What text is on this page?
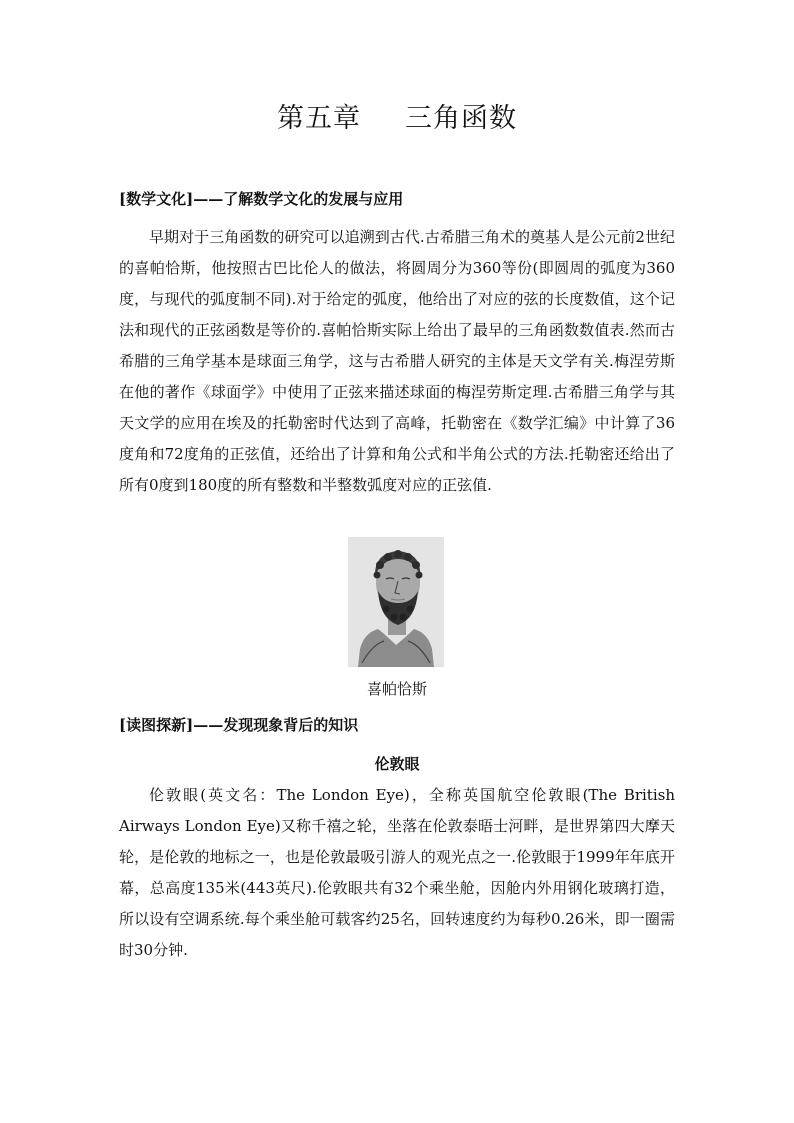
第五章 三角函数
[数学文化]——了解数学文化的发展与应用

早期对于三角函数的研究可以追溯到古代.古希腊三角术的奠基人是公元前2世纪的喜帕恰斯，他按照古巴比伦人的做法，将圆周分为360等份(即圆周的弧度为360度，与现代的弧度制不同).对于给定的弧度，他给出了对应的弦的长度数值，这个记法和现代的正弦函数是等价的.喜帕恰斯实际上给出了最早的三角函数数值表.然而古希腊的三角学基本是球面三角学，这与古希腊人研究的主体是天文学有关.梅涅劳斯在他的著作《球面学》中使用了正弦来描述球面的梅涅劳斯定理.古希腊三角学与其天文学的应用在埃及的托勒密时代达到了高峰，托勒密在《数学汇编》中计算了36度角和72度角的正弦值，还给出了计算和角公式和半角公式的方法.托勒密还给出了所有0度到180度的所有整数和半整数弧度对应的正弦值.

喜帕恰斯
[读图探新]——发现现象背后的知识
伦敦眼

伦敦眼(英文名：The London Eye)，全称英国航空伦敦眼(The British Airways London Eye)又称千禧之轮，坐落在伦敦泰晤士河畔，是世界第四大摩天轮，是伦敦的地标之一，也是伦敦最吸引游人的观光点之一.伦敦眼于1999年年底开幕，总高度135米(443英尺).伦敦眼共有32个乘坐舱，因舱内外用钢化玻璃打造，所以设有空调系统.每个乘坐舱可载客约25名，回转速度约为每秒0.26米，即一圈需时30分钟.
